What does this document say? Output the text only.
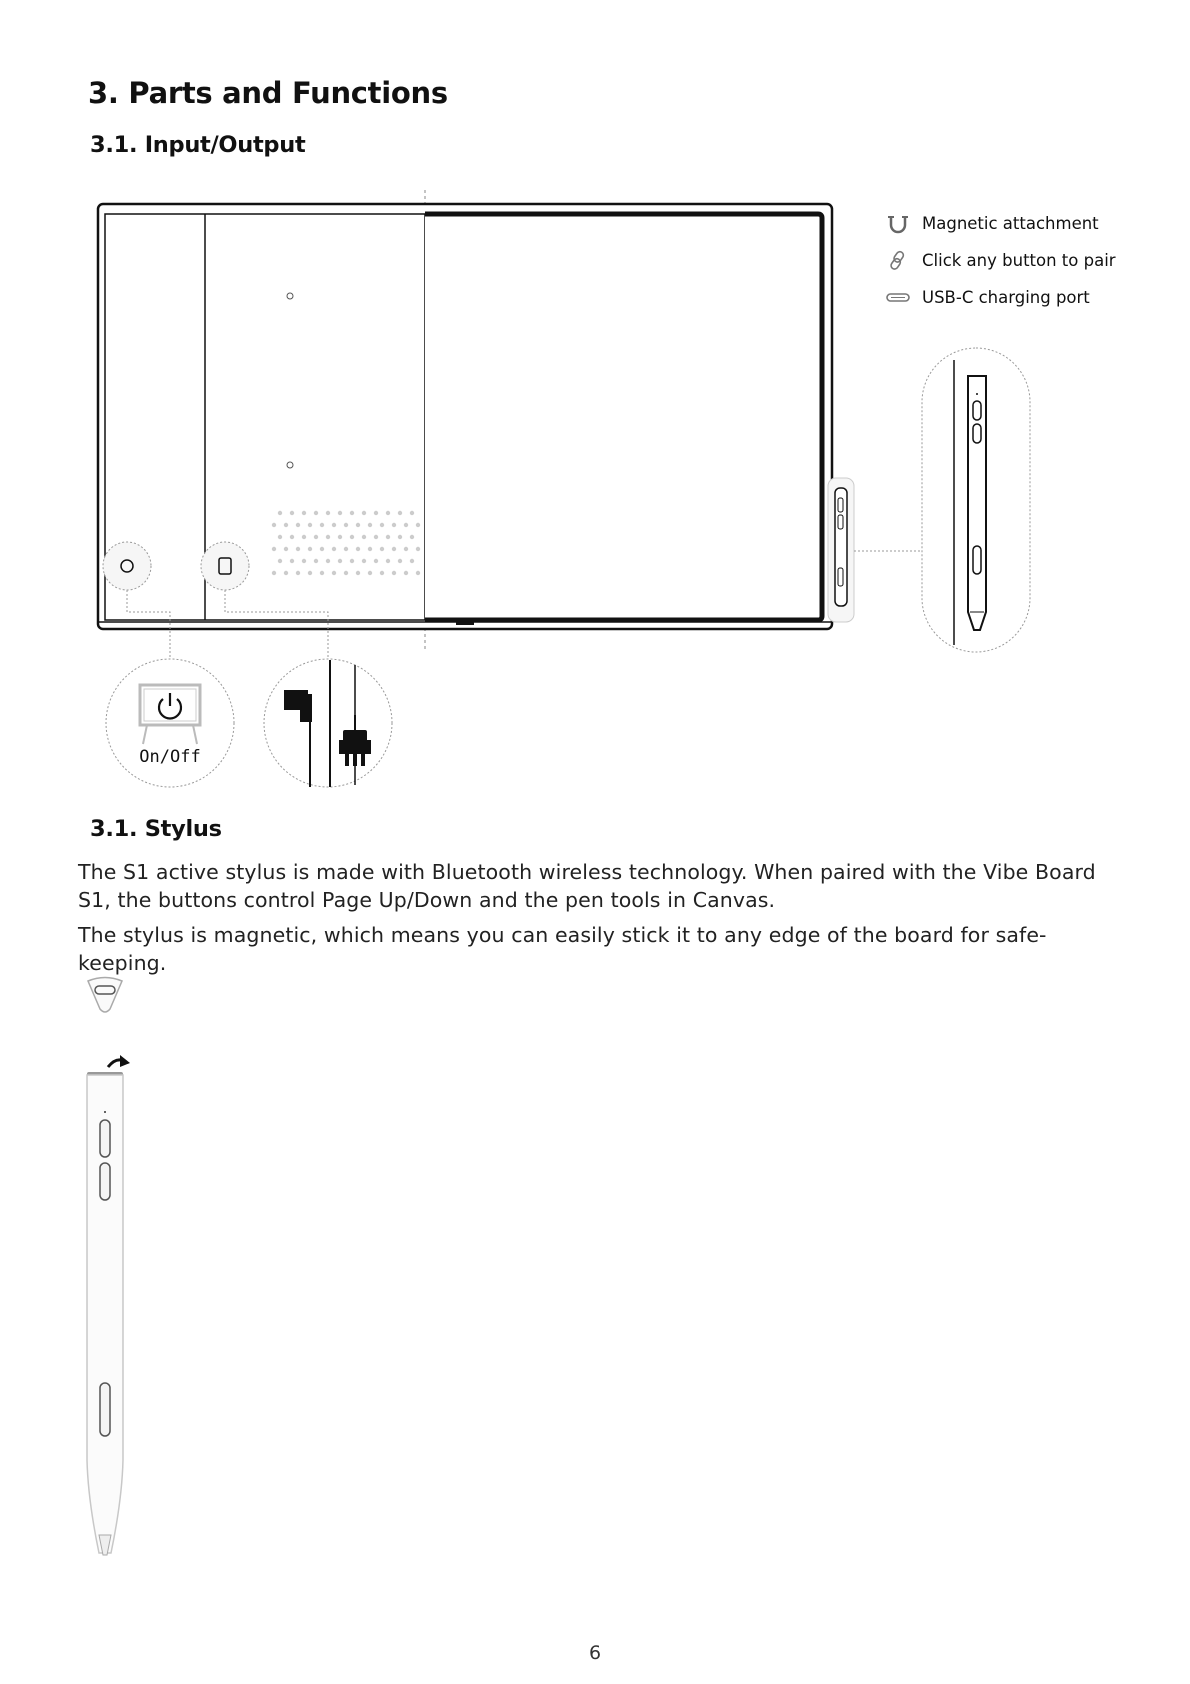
3. Parts and Functions
3.1. Input/Output
On/Off
Magnetic attachment
Click any button to pair
USB-C charging port
3.1. Stylus

The S1 active stylus is made with Bluetooth wireless technology. When paired with the Vibe Board S1, the buttons control Page Up/Down and the pen tools in Canvas.

The stylus is magnetic, which means you can easily stick it to any edge of the board for safe-keeping.

6
